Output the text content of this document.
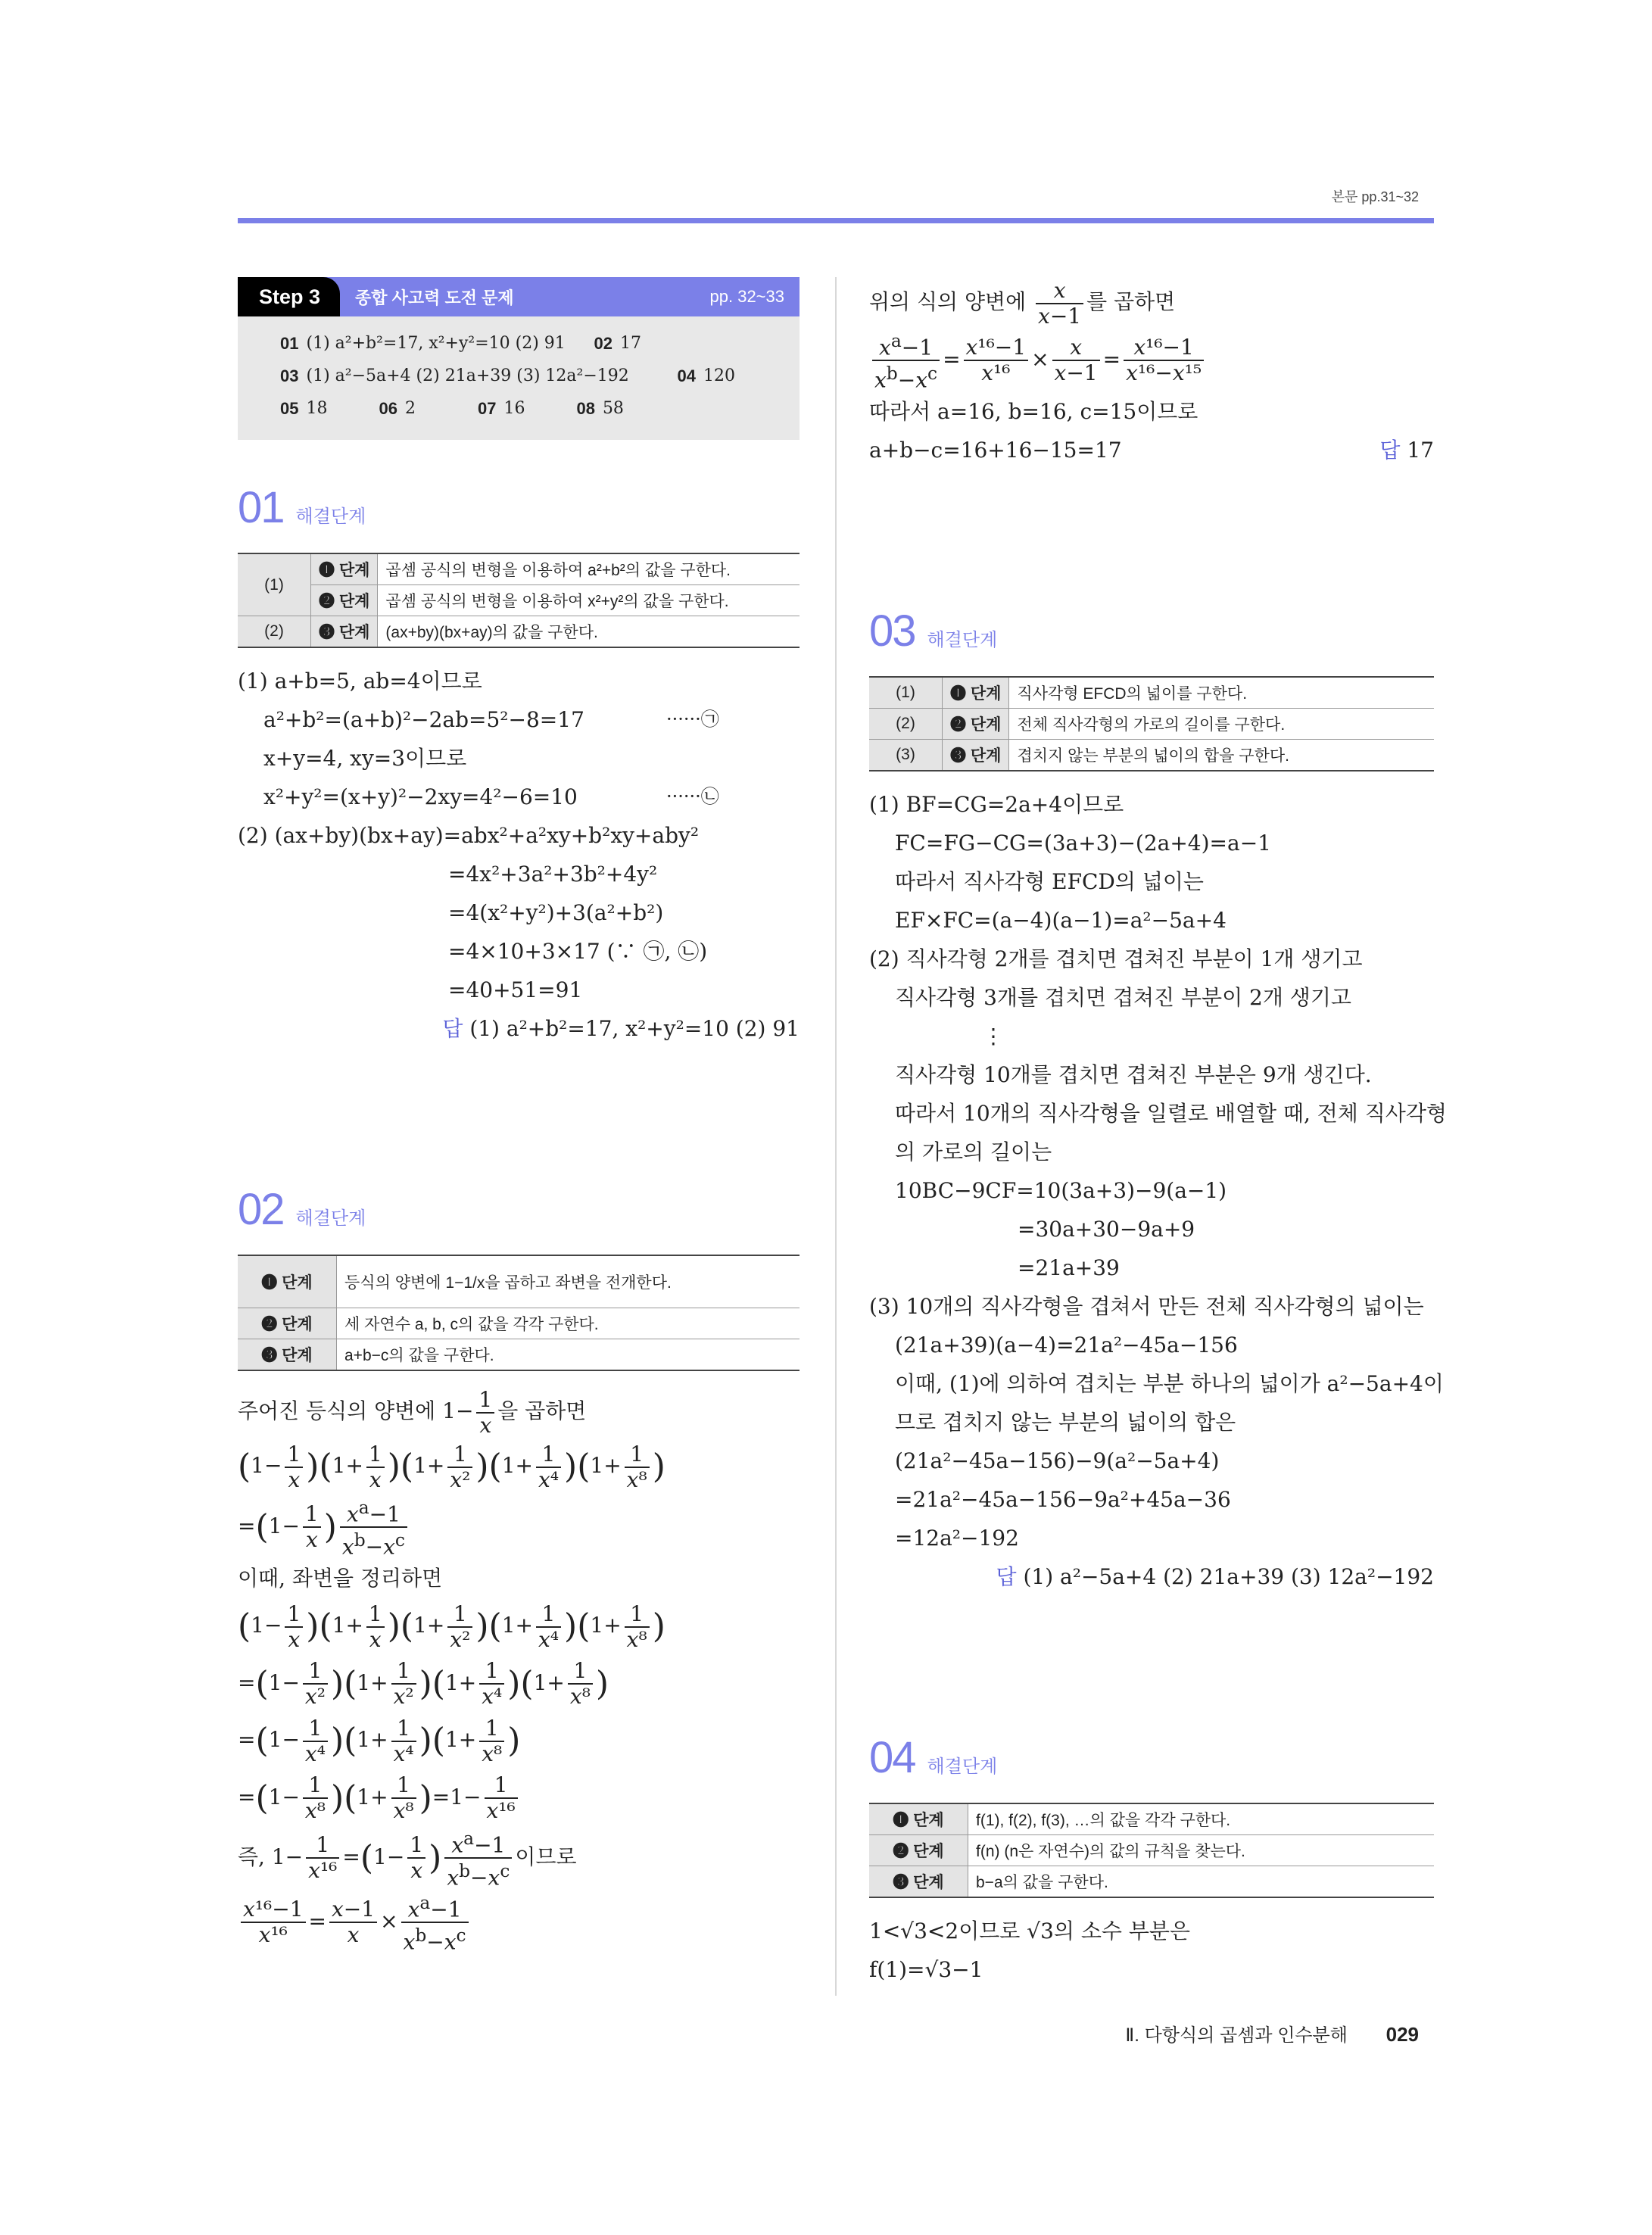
본문 pp.31~32
Step 3	종합 사고력 도전 문제	pp. 32~33
01 (1) a²+b²=17, x²+y²=10 (2) 91	02 17
03 (1) a²−5a+4 (2) 21a+39 (3) 12a²−192	04 120
05 18	06 2	07 16	08 58
01 해결단계
(1)	❶ 단계	곱셈 공식의 변형을 이용하여 a²+b²의 값을 구한다.
	❷ 단계	곱셈 공식의 변형을 이용하여 x²+y²의 값을 구한다.
(2)	❸ 단계	(ax+by)(bx+ay)의 값을 구한다.
(1) a+b=5, ab=4이므로
a²+b²=(a+b)²−2ab=5²−8=17	······㉠
x+y=4, xy=3이므로
x²+y²=(x+y)²−2xy=4²−6=10	······㉡
(2) (ax+by)(bx+ay)=abx²+a²xy+b²xy+aby²
=4x²+3a²+3b²+4y²
=4(x²+y²)+3(a²+b²)
=4×10+3×17 (∵ ㉠, ㉡)
=40+51=91
답 (1) a²+b²=17, x²+y²=10 (2) 91
02 해결단계
❶ 단계	등식의 양변에 1−1/x을 곱하고 좌변을 전개한다.
❷ 단계	세 자연수 a, b, c의 값을 각각 구한다.
❸ 단계	a+b−c의 값을 구한다.
주어진 등식의 양변에 $1- \frac{1}{x}$ 을 곱하면
$(1- \frac{1}{x} )(1+ \frac{1}{x} )(1+ \frac{1}{\text{x²}} )(1+ \frac{1}{\text{x⁴}} )(1+ \frac{1}{\text{x⁸}}$ )
$=(1- \frac{1}{x}$ ) $\frac{x^a-1}{x^b-x^c}$
이때, 좌변을 정리하면
$(1- \frac{1}{x} )(1+ \frac{1}{x} )(1+ \frac{1}{\text{x²}} )(1+ \frac{1}{\text{x⁴}} )(1+ \frac{1}{\text{x⁸}}$ )
$=(1- \frac{1}{\text{x²}} )(1+ \frac{1}{\text{x²}} )(1+ \frac{1}{\text{x⁴}} )(1+ \frac{1}{\text{x⁸}}$ )
$=(1- \frac{1}{\text{x⁴}} )(1+ \frac{1}{\text{x⁴}} )(1+ \frac{1}{\text{x⁸}}$ )
$=(1- \frac{1}{\text{x⁸}} )(1+ \frac{1}{\text{x⁸}} )=1- \frac{1}{\text{x¹⁶}}$
즉, $1- \frac{1}{\text{x¹⁶}} =(1- \frac{1}{x}$ ) $\frac{x^a-1}{x^b-x^c}$ 이므로
$\frac{\text{x¹⁶−1}}{\text{x¹⁶}} = \frac{x-1}{x} \times \frac{x^a-1}{x^b-x^c}$
위의 식의 양변에 $\frac{x}{x-1}$ 를 곱하면
$\frac{x^a-1}{x^b-x^c} = \frac{\text{x¹⁶−1}}{\text{x¹⁶}} \times \frac{x}{x-1} = \frac{\text{x¹⁶−1}}{\text{x¹⁶−x¹⁵}}$
따라서 a=16, b=16, c=15이므로
a+b−c=16+16−15=17	답 17
03 해결단계
(1)	❶ 단계	직사각형 EFCD의 넓이를 구한다.
(2)	❷ 단계	전체 직사각형의 가로의 길이를 구한다.
(3)	❸ 단계	겹치지 않는 부분의 넓이의 합을 구한다.
(1) BF=CG=2a+4이므로
FC=FG−CG=(3a+3)−(2a+4)=a−1
따라서 직사각형 EFCD의 넓이는
EF×FC=(a−4)(a−1)=a²−5a+4
(2) 직사각형 2개를 겹치면 겹쳐진 부분이 1개 생기고
직사각형 3개를 겹치면 겹쳐진 부분이 2개 생기고
⋮
직사각형 10개를 겹치면 겹쳐진 부분은 9개 생긴다.
따라서 10개의 직사각형을 일렬로 배열할 때, 전체 직사각형
의 가로의 길이는
10BC−9CF=10(3a+3)−9(a−1)
=30a+30−9a+9
=21a+39
(3) 10개의 직사각형을 겹쳐서 만든 전체 직사각형의 넓이는
(21a+39)(a−4)=21a²−45a−156
이때, (1)에 의하여 겹치는 부분 하나의 넓이가 a²−5a+4이
므로 겹치지 않는 부분의 넓이의 합은
(21a²−45a−156)−9(a²−5a+4)
=21a²−45a−156−9a²+45a−36
=12a²−192
답 (1) a²−5a+4 (2) 21a+39 (3) 12a²−192
04 해결단계
❶ 단계	f(1), f(2), f(3), …의 값을 각각 구한다.
❷ 단계	f(n) (n은 자연수)의 값의 규칙을 찾는다.
❸ 단계	b−a의 값을 구한다.
1<√3<2이므로 √3의 소수 부분은
f(1)=√3−1
Ⅱ. 다항식의 곱셈과 인수분해 029
